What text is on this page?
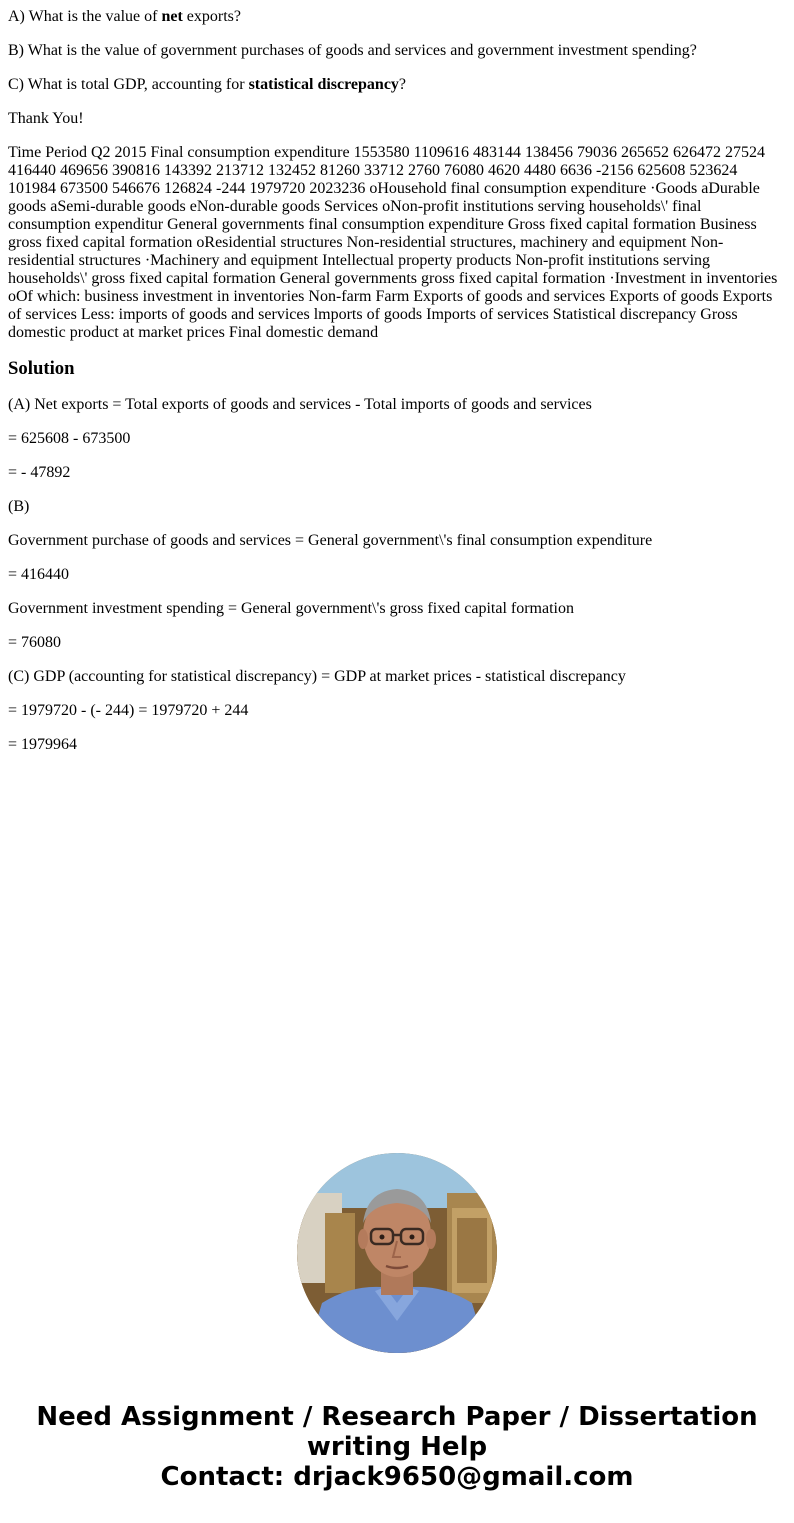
A) What is the value of net exports?

B) What is the value of government purchases of goods and services and government investment spending?

C) What is total GDP, accounting for statistical discrepancy?

Thank You!

Time Period Q2 2015 Final consumption expenditure 1553580 1109616 483144 138456 79036 265652 626472 27524 416440 469656 390816 143392 213712 132452 81260 33712 2760 76080 4620 4480 6636 -2156 625608 523624 101984 673500 546676 126824 -244 1979720 2023236 oHousehold final consumption expenditure ·Goods aDurable goods aSemi-durable goods eNon-durable goods Services oNon-profit institutions serving households\' final consumption expenditur General governments final consumption expenditure Gross fixed capital formation Business gross fixed capital formation oResidential structures Non-residential structures, machinery and equipment Non-residential structures ·Machinery and equipment Intellectual property products Non-profit institutions serving households\' gross fixed capital formation General governments gross fixed capital formation ·Investment in inventories oOf which: business investment in inventories Non-farm Farm Exports of goods and services Exports of goods Exports of services Less: imports of goods and services lmports of goods Imports of services Statistical discrepancy Gross domestic product at market prices Final domestic demand

Solution

(A) Net exports = Total exports of goods and services - Total imports of goods and services

= 625608 - 673500

= - 47892

(B)

Government purchase of goods and services = General government\'s final consumption expenditure

= 416440

Government investment spending = General government\'s gross fixed capital formation

= 76080

(C) GDP (accounting for statistical discrepancy) = GDP at market prices - statistical discrepancy

= 1979720 - (- 244) = 1979720 + 244

= 1979964

Need Assignment / Research Paper / Dissertation
writing Help
Contact: drjack9650@gmail.com
